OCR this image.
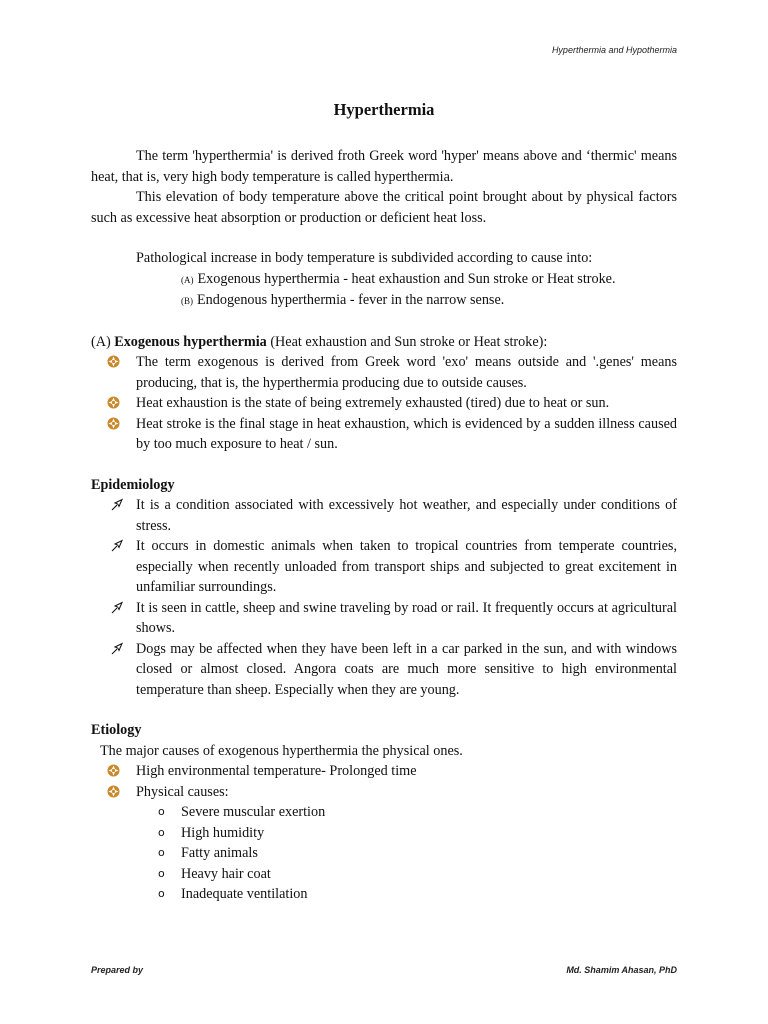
Hyperthermia and Hypothermia
Hyperthermia

The term 'hyperthermia' is derived froth Greek word 'hyper' means above and ‘thermic' means heat, that is, very high body temperature is called hyperthermia.

This elevation of body temperature above the critical point brought about by physical factors such as excessive heat absorption or production or deficient heat loss.

Pathological increase in body temperature is subdivided according to cause into:

(A) Exogenous hyperthermia - heat exhaustion and Sun stroke or Heat stroke.

(B) Endogenous hyperthermia - fever in the narrow sense.

(A) Exogenous hyperthermia (Heat exhaustion and Sun stroke or Heat stroke):

The term exogenous is derived from Greek word 'exo' means outside and '.genes' means producing, that is, the hyperthermia producing due to outside causes.
Heat exhaustion is the state of being extremely exhausted (tired) due to heat or sun.
Heat stroke is the final stage in heat exhaustion, which is evidenced by a sudden illness caused by too much exposure to heat / sun.

Epidemiology

It is a condition associated with excessively hot weather, and especially under conditions of stress.
It occurs in domestic animals when taken to tropical countries from temperate countries, especially when recently unloaded from transport ships and subjected to great excitement in unfamiliar surroundings.
It is seen in cattle, sheep and swine traveling by road or rail. It frequently occurs at agricultural shows.
Dogs may be affected when they have been left in a car parked in the sun, and with windows closed or almost closed. Angora coats are much more sensitive to high environmental temperature than sheep. Especially when they are young.

Etiology

The major causes of exogenous hyperthermia the physical ones.

High environmental temperature- Prolonged time
Physical causes:
o	Severe muscular exertion
o	High humidity
o	Fatty animals
o	Heavy hair coat
o	Inadequate ventilation
Prepared by	Md. Shamim Ahasan, PhD
